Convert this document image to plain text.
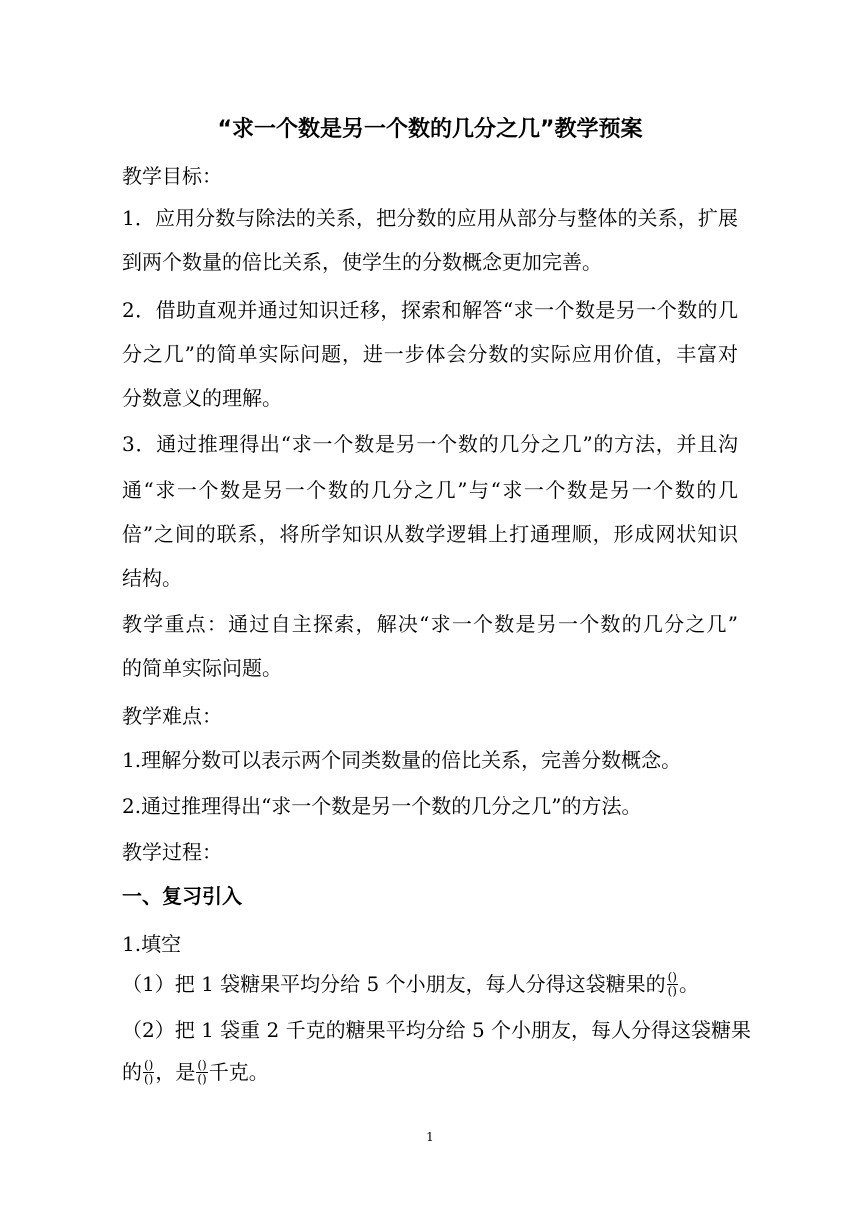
“求一个数是另一个数的几分之几”教学预案
教学目标：
1．应用分数与除法的关系，把分数的应用从部分与整体的关系，扩展
到两个数量的倍比关系，使学生的分数概念更加完善。
2．借助直观并通过知识迁移，探索和解答“求一个数是另一个数的几
分之几”的简单实际问题，进一步体会分数的实际应用价值，丰富对
分数意义的理解。
3．通过推理得出“求一个数是另一个数的几分之几”的方法，并且沟
通“求一个数是另一个数的几分之几”与“求一个数是另一个数的几
倍”之间的联系，将所学知识从数学逻辑上打通理顺，形成网状知识
结构。
教学重点：通过自主探索，解决“求一个数是另一个数的几分之几”
的简单实际问题。
教学难点：
1.理解分数可以表示两个同类数量的倍比关系，完善分数概念。
2.通过推理得出“求一个数是另一个数的几分之几”的方法。
教学过程：
一、复习引入
1.填空
（1）把 1 袋糖果平均分给 5 个小朋友，每人分得这袋糖果的 $\frac{()}{()}$ 。
（2）把 1 袋重 2 千克的糖果平均分给 5 个小朋友，每人分得这袋糖果
的 $\frac{()}{()}$ ，是 $\frac{()}{()}$ 千克。
1
